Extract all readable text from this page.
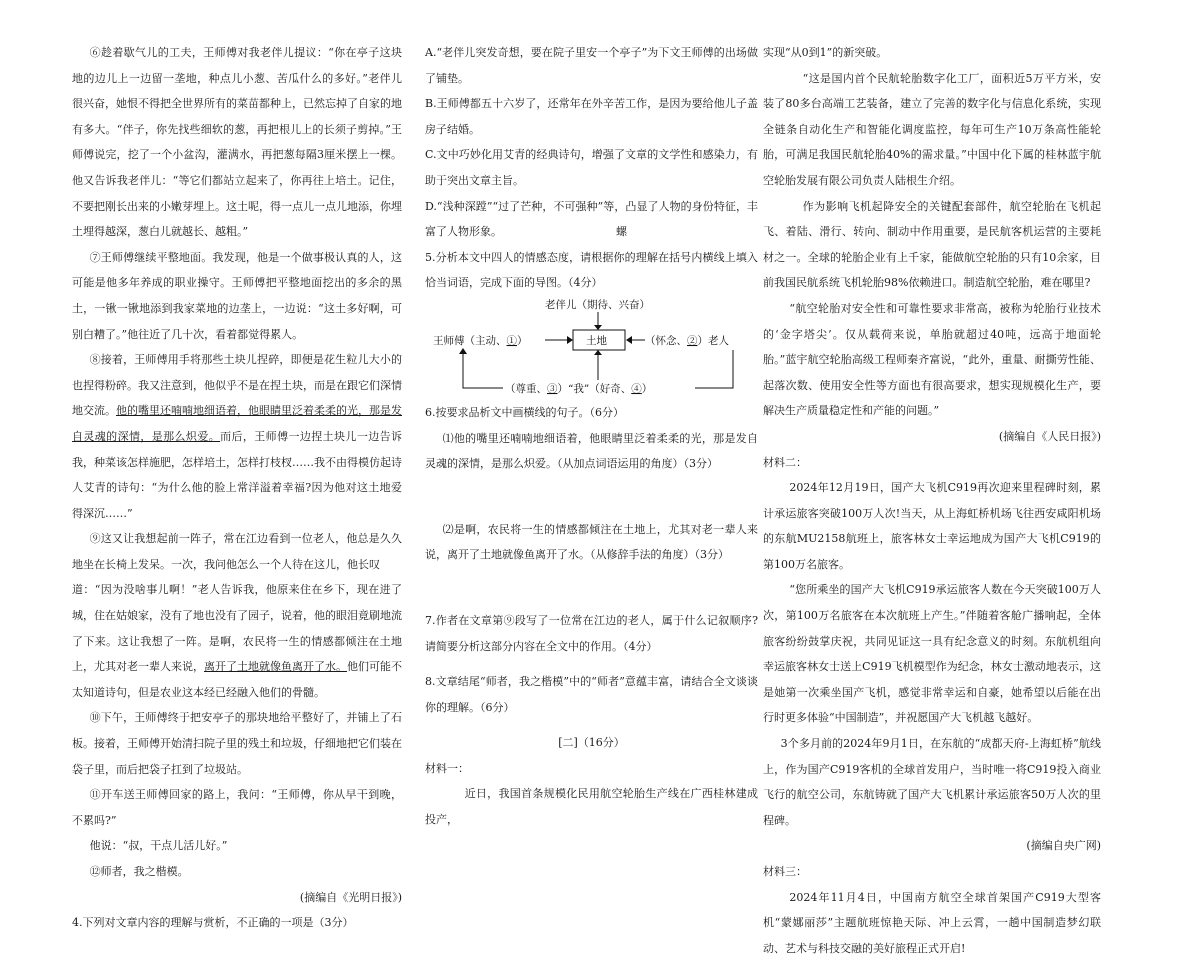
⑥趁着歇气儿的工夫，王师傅对我老伴儿提议：“你在亭子这块地的边儿上一边留一垄地，种点儿小葱、苦瓜什么的多好。”老伴儿很兴奋，她恨不得把全世界所有的菜苗都种上，已然忘掉了自家的地有多大。“伴子，你先找些细软的葱，再把根儿上的长须子剪掉。”王师傅说完，挖了一个小盆沟，灌满水，再把葱每隔3厘米摆上一棵。他又告诉我老伴儿：“等它们都站立起来了，你再往上培土。记住，不要把刚长出来的小嫩芽埋上。这土呢，得一点儿一点儿地添，你埋土埋得越深，葱白儿就越长、越粗。”

⑦王师傅继续平整地面。我发现，他是一个做事极认真的人，这可能是他多年养成的职业操守。王师傅把平整地面挖出的多余的黑土，一锹一锹地添到我家菜地的边垄上，一边说：“这土多好啊，可别白糟了。”他往近了几十次，看着都觉得累人。

⑧接着，王师傅用手将那些土块儿捏碎，即便是花生粒儿大小的也捏得粉碎。我又注意到，他似乎不是在捏土块，而是在跟它们深情地交流。他的嘴里还喃喃地细语着，他眼睛里泛着柔柔的光，那是发自灵魂的深情，是那么炽爱。而后，王师傅一边捏土块儿一边告诉我，种菜该怎样施肥，怎样培土，怎样打枝杈……我不由得模仿起诗人艾青的诗句：“为什么他的脸上常洋溢着幸福?因为他对这土地爱得深沉……”

⑨这又让我想起前一阵子，常在江边看到一位老人，他总是久久地坐在长椅上发呆。一次，我问他怎么一个人待在这儿，他长叹

道：“因为没啥事儿啊！”老人告诉我，他原来住在乡下，现在进了城，住在姑娘家，没有了地也没有了园子，说着，他的眼泪竟刷地流了下来。这让我想了一阵。是啊，农民将一生的情感都倾注在土地上，尤其对老一辈人来说，离开了土地就像鱼离开了水。他们可能不太知道诗句，但是农业这本经已经融入他们的骨髓。

⑩下午，王师傅终于把安亭子的那块地给平整好了，并铺上了石板。接着，王师傅开始清扫院子里的残土和垃圾，仔细地把它们装在袋子里，而后把袋子扛到了垃圾站。

⑪开车送王师傅回家的路上，我问：“王师傅，你从早干到晚，不累吗?”

他说：“叔，干点儿活儿好。”

⑫师者，我之楷模。

(摘编自《光明日报》)

4.下列对文章内容的理解与赏析，不正确的一项是（3分）

A.“老伴儿突发奇想，要在院子里安一个亭子”为下文王师傅的出场做了铺垫。

B.王师傅都五十六岁了，还常年在外辛苦工作，是因为要给他儿子盖房子结婚。

C.文中巧妙化用艾青的经典诗句，增强了文章的文学性和感染力，有助于突出文章主旨。

D.“浅种深蹚”“过了芒种，不可强种”等，凸显了人物的身份特征，丰富了人物形象。	螺

5.分析本文中四人的情感态度，请根据你的理解在括号内横线上填入恰当词语，完成下面的导图。（4分）

老伴儿（期待、兴奋）
土地
王师傅（主动、①）	（怀念、②）老人
（尊重、③）“我”（好奇、④）

6.按要求品析文中画横线的句子。（6分）

⑴他的嘴里还喃喃地细语着，他眼睛里泛着柔柔的光，那是发自灵魂的深情，是那么炽爱。（从加点词语运用的角度）（3分）

⑵是啊，农民将一生的情感都倾注在土地上，尤其对老一辈人来说，离开了土地就像鱼离开了水。（从修辞手法的角度）（3分）

7.作者在文章第⑨段写了一位常在江边的老人，属于什么记叙顺序?请简要分析这部分内容在全文中的作用。（4分）

8.文章结尾“师者，我之楷模”中的“师者”意蕴丰富，请结合全文谈谈你的理解。（6分）

[二]（16分）

材料一：

近日，我国首条规模化民用航空轮胎生产线在广西桂林建成投产，

实现“从0到1”的新突破。

“这是国内首个民航轮胎数字化工厂，面积近5万平方米，安装了80多台高端工艺装备，建立了完善的数字化与信息化系统，实现全链条自动化生产和智能化调度监控，每年可生产10万条高性能轮胎，可满足我国民航轮胎40%的需求量。”中国中化下属的桂林蓝宇航空轮胎发展有限公司负责人陆根生介绍。

作为影响飞机起降安全的关键配套部件，航空轮胎在飞机起飞、着陆、滑行、转向、制动中作用重要，是民航客机运营的主要耗材之一。全球的轮胎企业有上千家，能做航空轮胎的只有10余家，目前我国民航系统飞机轮胎98%依赖进口。制造航空轮胎，难在哪里?

“航空轮胎对安全性和可靠性要求非常高，被称为轮胎行业技术的‘金字塔尖’。仅从载荷来说，单胎就超过40吨，远高于地面轮胎。”蓝宇航空轮胎高级工程师秦齐富说，“此外，重量、耐撕劳性能、起落次数、使用安全性等方面也有很高要求，想实现规模化生产，要解决生产质量稳定性和产能的问题。”

(摘编自《人民日报》)

材料二：

2024年12月19日，国产大飞机C919再次迎来里程碑时刻，累计承运旅客突破100万人次!当天，从上海虹桥机场飞往西安咸阳机场的东航MU2158航班上，旅客林女士幸运地成为国产大飞机C919的第100万名旅客。

“您所乘坐的国产大飞机C919承运旅客人数在今天突破100万人次，第100万名旅客在本次航班上产生。”伴随着客舱广播响起，全体旅客纷纷鼓掌庆祝，共同见证这一具有纪念意义的时刻。东航机组向幸运旅客林女士送上C919飞机模型作为纪念，林女士激动地表示，这是她第一次乘坐国产飞机，感觉非常幸运和自豪，她希望以后能在出行时更多体验“中国制造”，并祝愿国产大飞机越飞越好。

3个多月前的2024年9月1日，在东航的“成都天府-上海虹桥”航线上，作为国产C919客机的全球首发用户，当时唯一将C919投入商业飞行的航空公司，东航铸就了国产大飞机累计承运旅客50万人次的里程碑。

(摘编自央广网)

材料三：

2024年11月4日，中国南方航空全球首架国产C919大型客机“蒙娜丽莎”主题航班惊艳天际、冲上云霄，一趟中国制造梦幻联动、艺术与科技交融的美好旅程正式开启!
